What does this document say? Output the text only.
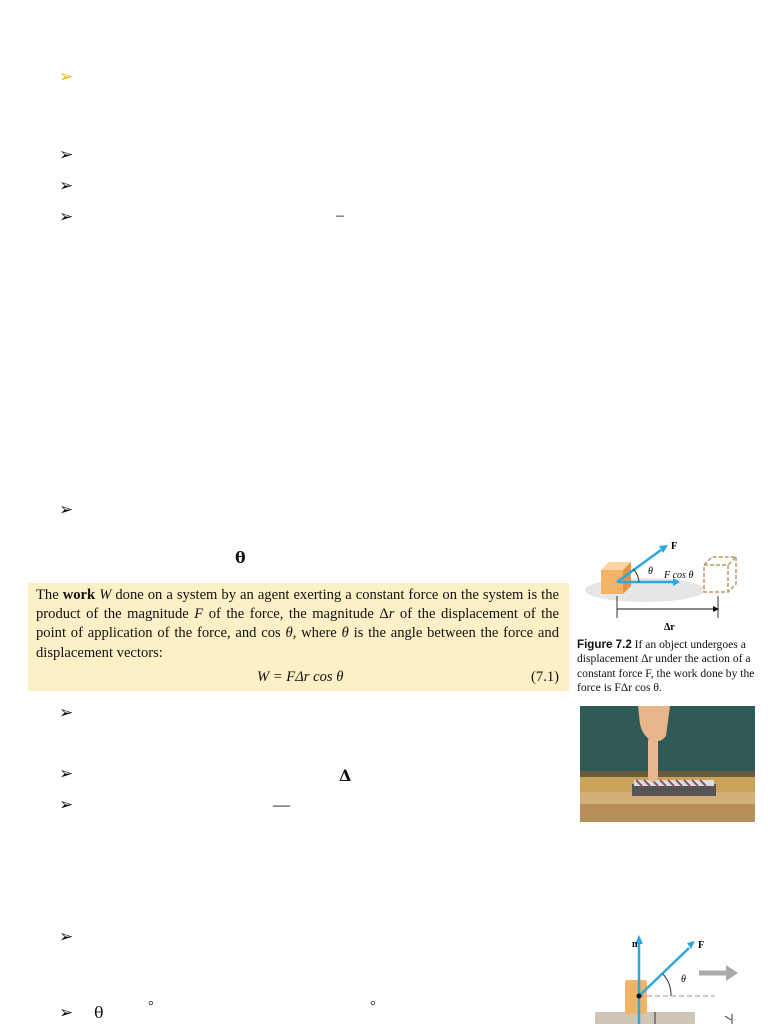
➢
➢
➢
➢
➢
➢
➢
➢
➢
➢
–
θ
Δ
—
θ	°	°
The work W done on a system by an agent exerting a constant force on the system is the product of the magnitude F of the force, the magnitude Δr of the displacement of the point of application of the force, and cos θ, where θ is the angle between the force and displacement vectors:
W = FΔr cos θ	(7.1)
F
θ F cos θ
Δr
Figure 7.2 If an object undergoes a displacement Δr under the action of a constant force F, the work done by the force is FΔr cos θ.
n	F
θ
